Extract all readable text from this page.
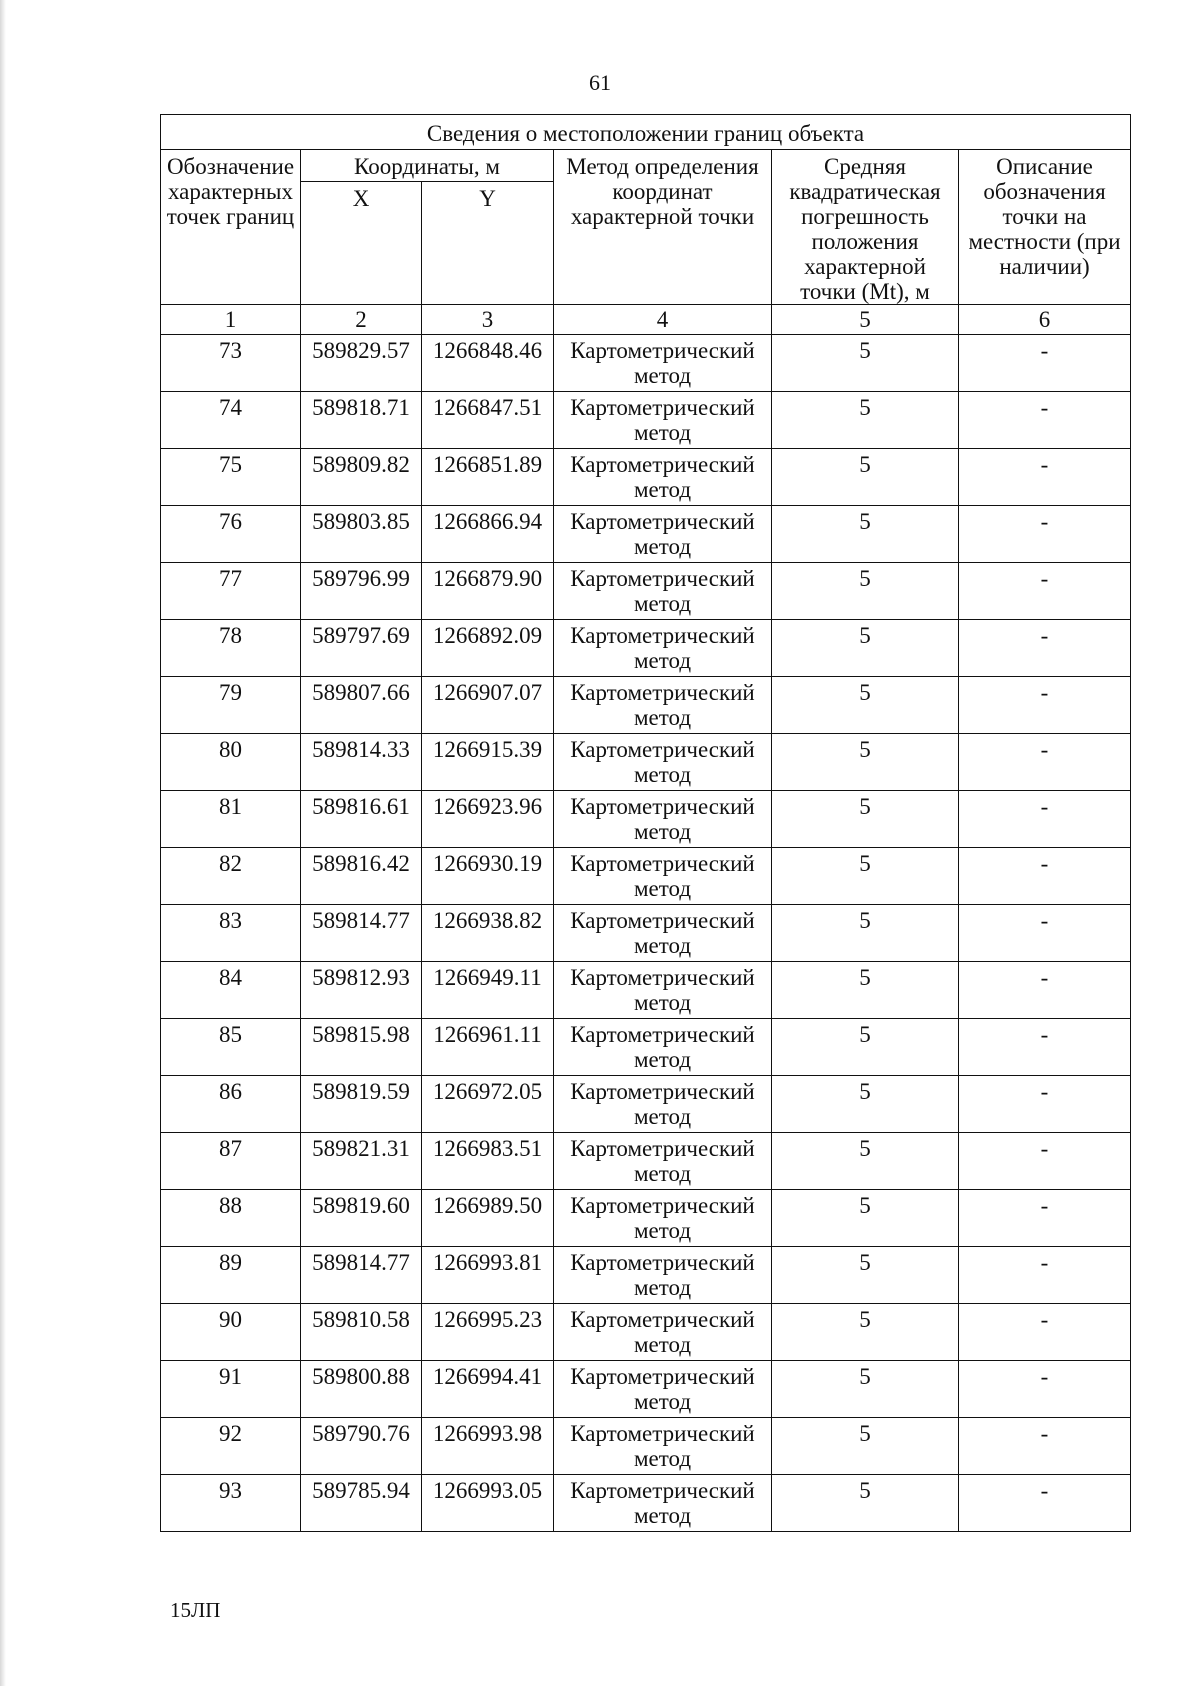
61
Сведения о местоположении границ объекта					
Обозначение характерных точек границ	Координаты, м		Метод определения координат характерной точки	Средняя квадратическая погрешность положения характерной точки (Mt), м	Описание обозначения точки на местности (при наличии)
	X	Y			
1	2	3	4	5	6
73	589829.57	1266848.46	Картометрический метод	5	-
74	589818.71	1266847.51	Картометрический метод	5	-
75	589809.82	1266851.89	Картометрический метод	5	-
76	589803.85	1266866.94	Картометрический метод	5	-
77	589796.99	1266879.90	Картометрический метод	5	-
78	589797.69	1266892.09	Картометрический метод	5	-
79	589807.66	1266907.07	Картометрический метод	5	-
80	589814.33	1266915.39	Картометрический метод	5	-
81	589816.61	1266923.96	Картометрический метод	5	-
82	589816.42	1266930.19	Картометрический метод	5	-
83	589814.77	1266938.82	Картометрический метод	5	-
84	589812.93	1266949.11	Картометрический метод	5	-
85	589815.98	1266961.11	Картометрический метод	5	-
86	589819.59	1266972.05	Картометрический метод	5	-
87	589821.31	1266983.51	Картометрический метод	5	-
88	589819.60	1266989.50	Картометрический метод	5	-
89	589814.77	1266993.81	Картометрический метод	5	-
90	589810.58	1266995.23	Картометрический метод	5	-
91	589800.88	1266994.41	Картометрический метод	5	-
92	589790.76	1266993.98	Картометрический метод	5	-
93	589785.94	1266993.05	Картометрический метод	5	-
15ЛП
